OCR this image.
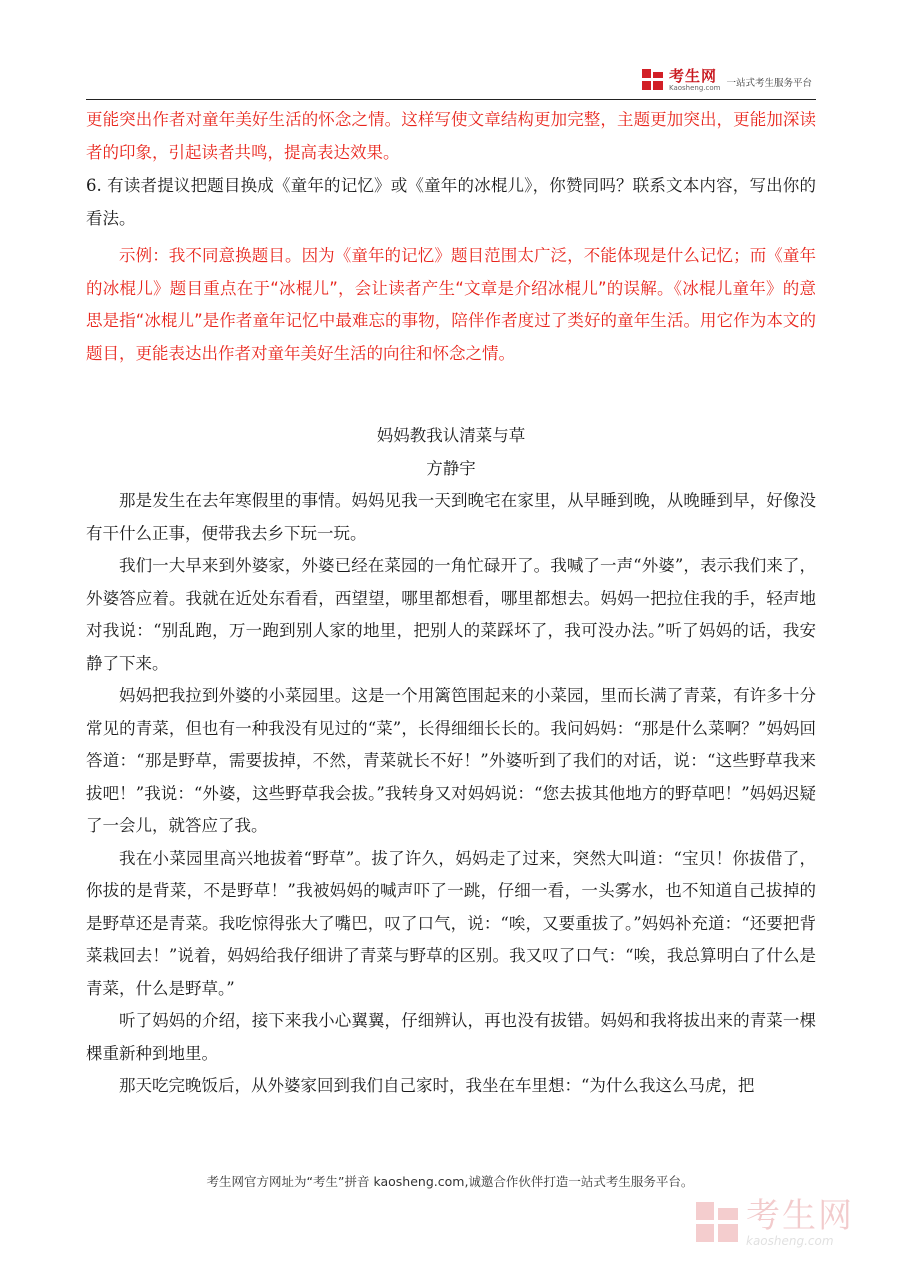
考生网
Kaosheng.com 一站式考生服务平台

更能突出作者对童年美好生活的怀念之情。这样写使文章结构更加完整，主题更加突出，更能加深读者的印象，引起读者共鸣，提高表达效果。

6. 有读者提议把题目换成《童年的记忆》或《童年的冰棍儿》，你赞同吗？联系文本内容，写出你的看法。

示例：我不同意换题目。因为《童年的记忆》题目范围太广泛，不能体现是什么记忆；而《童年的冰棍儿》题目重点在于“冰棍儿”，会让读者产生“文章是介绍冰棍儿”的误解。《冰棍儿童年》的意思是指“冰棍儿”是作者童年记忆中最难忘的事物，陪伴作者度过了类好的童年生活。用它作为本文的题目，更能表达出作者对童年美好生活的向往和怀念之情。

妈妈教我认清菜与草

方静宇

那是发生在去年寒假里的事情。妈妈见我一天到晚宅在家里，从早睡到晚，从晚睡到早，好像没有干什么正事，便带我去乡下玩一玩。

我们一大早来到外婆家，外婆已经在菜园的一角忙碌开了。我喊了一声“外婆”，表示我们来了，外婆答应着。我就在近处东看看，西望望，哪里都想看，哪里都想去。妈妈一把拉住我的手，轻声地对我说：“别乱跑，万一跑到别人家的地里，把别人的菜踩坏了，我可没办法。”听了妈妈的话，我安静了下来。

妈妈把我拉到外婆的小菜园里。这是一个用篱笆围起来的小菜园，里而长满了青菜，有许多十分常见的青菜，但也有一种我没有见过的“菜”，长得细细长长的。我问妈妈：“那是什么菜啊？”妈妈回答道：“那是野草，需要拔掉，不然，青菜就长不好！”外婆听到了我们的对话，说：“这些野草我来拔吧！”我说：“外婆，这些野草我会拔。”我转身又对妈妈说：“您去拔其他地方的野草吧！”妈妈迟疑了一会儿，就答应了我。

我在小菜园里高兴地拔着“野草”。拔了许久，妈妈走了过来，突然大叫道：“宝贝！你拔借了，你拔的是背菜，不是野草！”我被妈妈的喊声吓了一跳，仔细一看，一头雾水，也不知道自己拔掉的是野草还是青菜。我吃惊得张大了嘴巴，叹了口气，说：“唉，又要重拔了。”妈妈补充道：“还要把背菜栽回去！”说着，妈妈给我仔细讲了青菜与野草的区别。我又叹了口气：“唉，我总算明白了什么是青菜，什么是野草。”

听了妈妈的介绍，接下来我小心翼翼，仔细辨认，再也没有拔错。妈妈和我将拔出来的青菜一棵棵重新种到地里。

那天吃完晚饭后，从外婆家回到我们自己家时，我坐在车里想：“为什么我这么马虎，把

考生网官方网址为“考生”拼音 kaosheng.com,诚邀合作伙伴打造一站式考生服务平台。
考生网
kaosheng.com
